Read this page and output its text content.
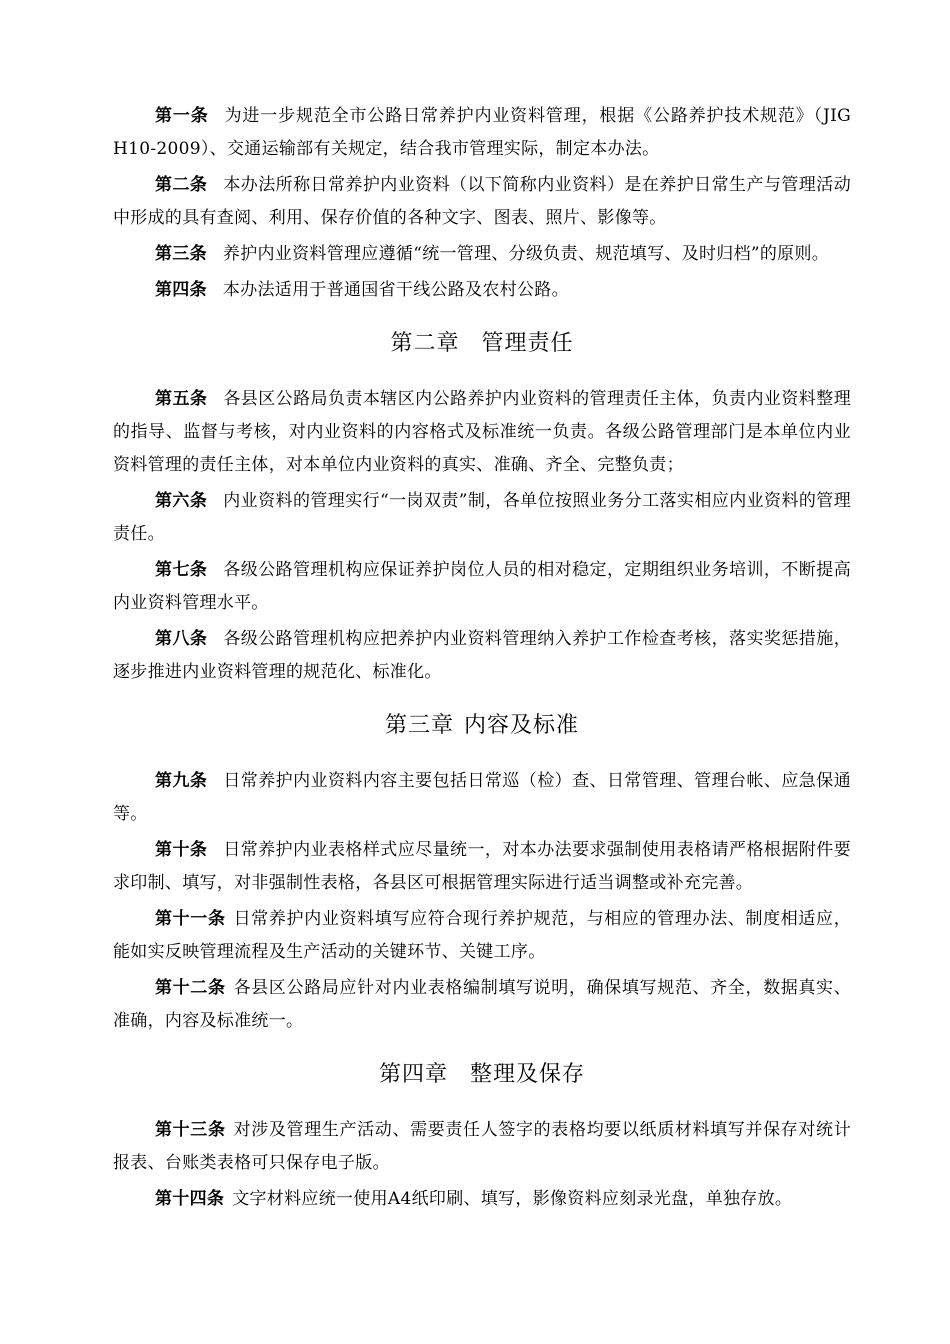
第一条 为进一步规范全市公路日常养护内业资料管理，根据《公路养护技术规范》（JIG H10-2009）、交通运输部有关规定，结合我市管理实际，制定本办法。

第二条 本办法所称日常养护内业资料（以下简称内业资料）是在养护日常生产与管理活动中形成的具有查阅、利用、保存价值的各种文字、图表、照片、影像等。

第三条 养护内业资料管理应遵循“统一管理、分级负责、规范填写、及时归档”的原则。

第四条 本办法适用于普通国省干线公路及农村公路。

第二章 管理责任

第五条 各县区公路局负责本辖区内公路养护内业资料的管理责任主体，负责内业资料整理的指导、监督与考核，对内业资料的内容格式及标准统一负责。各级公路管理部门是本单位内业资料管理的责任主体，对本单位内业资料的真实、准确、齐全、完整负责；

第六条 内业资料的管理实行“一岗双责”制，各单位按照业务分工落实相应内业资料的管理责任。

第七条 各级公路管理机构应保证养护岗位人员的相对稳定，定期组织业务培训，不断提高内业资料管理水平。

第八条 各级公路管理机构应把养护内业资料管理纳入养护工作检查考核，落实奖惩措施，逐步推进内业资料管理的规范化、标准化。

第三章 内容及标准

第九条 日常养护内业资料内容主要包括日常巡（检）查、日常管理、管理台帐、应急保通等。

第十条 日常养护内业表格样式应尽量统一，对本办法要求强制使用表格请严格根据附件要求印制、填写，对非强制性表格，各县区可根据管理实际进行适当调整或补充完善。

第十一条 日常养护内业资料填写应符合现行养护规范，与相应的管理办法、制度相适应，能如实反映管理流程及生产活动的关键环节、关键工序。

第十二条 各县区公路局应针对内业表格编制填写说明，确保填写规范、齐全，数据真实、准确，内容及标准统一。

第四章 整理及保存

第十三条 对涉及管理生产活动、需要责任人签字的表格均要以纸质材料填写并保存对统计报表、台账类表格可只保存电子版。

第十四条 文字材料应统一使用A4纸印刷、填写，影像资料应刻录光盘，单独存放。
